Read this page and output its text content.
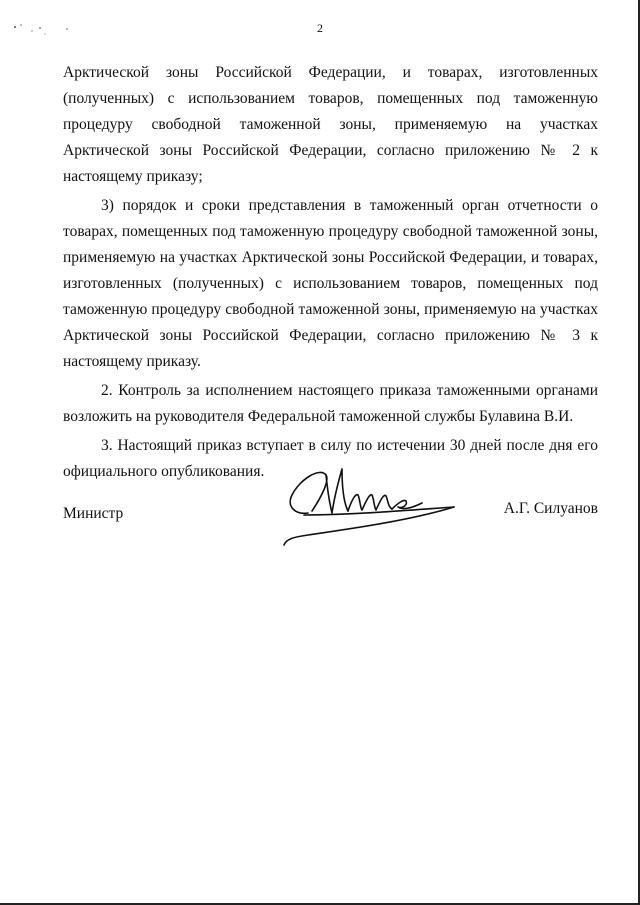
2

Арктической зоны Российской Федерации, и товарах, изготовленных (полученных) с использованием товаров, помещенных под таможенную процедуру свободной таможенной зоны, применяемую на участках Арктической зоны Российской Федерации, согласно приложению № 2 к настоящему приказу;

3) порядок и сроки представления в таможенный орган отчетности о товарах, помещенных под таможенную процедуру свободной таможенной зоны, применяемую на участках Арктической зоны Российской Федерации, и товарах, изготовленных (полученных) с использованием товаров, помещенных под таможенную процедуру свободной таможенной зоны, применяемую на участках Арктической зоны Российской Федерации, согласно приложению № 3 к настоящему приказу.

2. Контроль за исполнением настоящего приказа таможенными органами возложить на руководителя Федеральной таможенной службы Булавина В.И.

3. Настоящий приказ вступает в силу по истечении 30 дней после дня его официального опубликования.

Министр	А.Г. Силуанов
